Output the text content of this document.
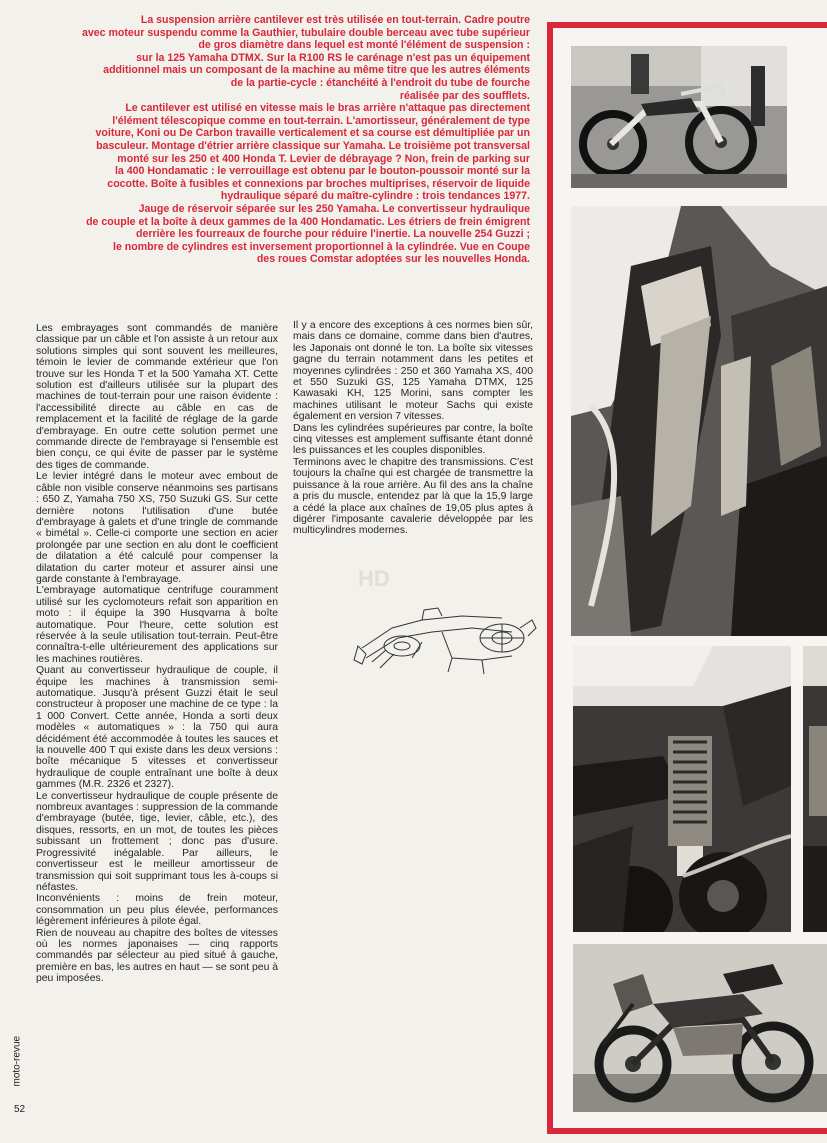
La suspension arrière cantilever est très utilisée en tout-terrain. Cadre poutre

avec moteur suspendu comme la Gauthier, tubulaire double berceau avec tube supérieur

de gros diamètre dans lequel est monté l'élément de suspension :

sur la 125 Yamaha DTMX. Sur la R100 RS le carénage n'est pas un équipement

additionnel mais un composant de la machine au même titre que les autres éléments

de la partie-cycle : étanchéité à l'endroit du tube de fourche

réalisée par des soufflets.

Le cantilever est utilisé en vitesse mais le bras arrière n'attaque pas directement

l'élément télescopique comme en tout-terrain. L'amortisseur, généralement de type

voiture, Koni ou De Carbon travaille verticalement et sa course est démultipliée par un

basculeur. Montage d'étrier arrière classique sur Yamaha. Le troisième pot transversal

monté sur les 250 et 400 Honda T. Levier de débrayage ? Non, frein de parking sur

la 400 Hondamatic : le verrouillage est obtenu par le bouton-poussoir monté sur la

cocotte. Boîte à fusibles et connexions par broches multiprises, réservoir de liquide

hydraulique séparé du maître-cylindre : trois tendances 1977.

Jauge de réservoir séparée sur les 250 Yamaha. Le convertisseur hydraulique

de couple et la boîte à deux gammes de la 400 Hondamatic. Les étriers de frein émigrent

derrière les fourreaux de fourche pour réduire l'inertie. La nouvelle 254 Guzzi ;

le nombre de cylindres est inversement proportionnel à la cylindrée. Vue en Coupe

des roues Comstar adoptées sur les nouvelles Honda.

Les embrayages sont commandés de manière classique par un câble et l'on assiste à un retour aux solutions simples qui sont souvent les meilleures, témoin le levier de commande extérieur que l'on trouve sur les Honda T et la 500 Yamaha XT. Cette solution est d'ailleurs utilisée sur la plupart des machines de tout-terrain pour une raison évidente : l'accessibilité directe au câble en cas de remplacement et la facilité de réglage de la garde d'embrayage. En outre cette solution permet une commande directe de l'embrayage si l'ensemble est bien conçu, ce qui évite de passer par le système des tiges de commande.

Le levier intégré dans le moteur avec embout de câble non visible conserve néanmoins ses partisans : 650 Z, Yamaha 750 XS, 750 Suzuki GS. Sur cette dernière notons l'utilisation d'une butée d'embrayage à galets et d'une tringle de commande « bimétal ». Celle-ci comporte une section en acier prolongée par une section en alu dont le coefficient de dilatation a été calculé pour compenser la dilatation du carter moteur et assurer ainsi une garde constante à l'embrayage.

L'embrayage automatique centrifuge couramment utilisé sur les cyclomoteurs refait son apparition en moto : il équipe la 390 Husqvarna à boîte automatique. Pour l'heure, cette solution est réservée à la seule utilisation tout-terrain. Peut-être connaîtra-t-elle ultérieurement des applications sur les machines routières.

Quant au convertisseur hydraulique de couple, il équipe les machines à transmission semi-automatique. Jusqu'à présent Guzzi était le seul constructeur à proposer une machine de ce type : la 1 000 Convert. Cette année, Honda a sorti deux modèles « automatiques » : la 750 qui aura décidément été accommodée à toutes les sauces et la nouvelle 400 T qui existe dans les deux versions : boîte mécanique 5 vitesses et convertisseur hydraulique de couple entraînant une boîte à deux gammes (M.R. 2326 et 2327).

Le convertisseur hydraulique de couple présente de nombreux avantages : suppression de la commande d'embrayage (butée, tige, levier, câble, etc.), des disques, ressorts, en un mot, de toutes les pièces subissant un frottement ; donc pas d'usure. Progressivité inégalable. Par ailleurs, le convertisseur est le meilleur amortisseur de transmission qui soit supprimant tous les à-coups si néfastes.

Inconvénients : moins de frein moteur, consommation un peu plus élevée, performances légèrement inférieures à pilote égal.

Rien de nouveau au chapitre des boîtes de vitesses où les normes japonaises — cinq rapports commandés par sélecteur au pied situé à gauche, première en bas, les autres en haut — se sont peu à peu imposées.

Il y a encore des exceptions à ces normes bien sûr, mais dans ce domaine, comme dans bien d'autres, les Japonais ont donné le ton. La boîte six vitesses gagne du terrain notamment dans les petites et moyennes cylindrées : 250 et 360 Yamaha XS, 400 et 550 Suzuki GS, 125 Yamaha DTMX, 125 Kawasaki KH, 125 Morini, sans compter les machines utilisant le moteur Sachs qui existe également en version 7 vitesses.

Dans les cylindrées supérieures par contre, la boîte cinq vitesses est amplement suffisante étant donné les puissances et les couples disponibles.

Terminons avec le chapitre des transmissions. C'est toujours la chaîne qui est chargée de transmettre la puissance à la roue arrière. Au fil des ans la chaîne a pris du muscle, entendez par là que la 15,9 large a cédé la place aux chaînes de 19,05 plus aptes à digérer l'imposante cavalerie développée par les multicylindres modernes.

HD
moto-revue
52
